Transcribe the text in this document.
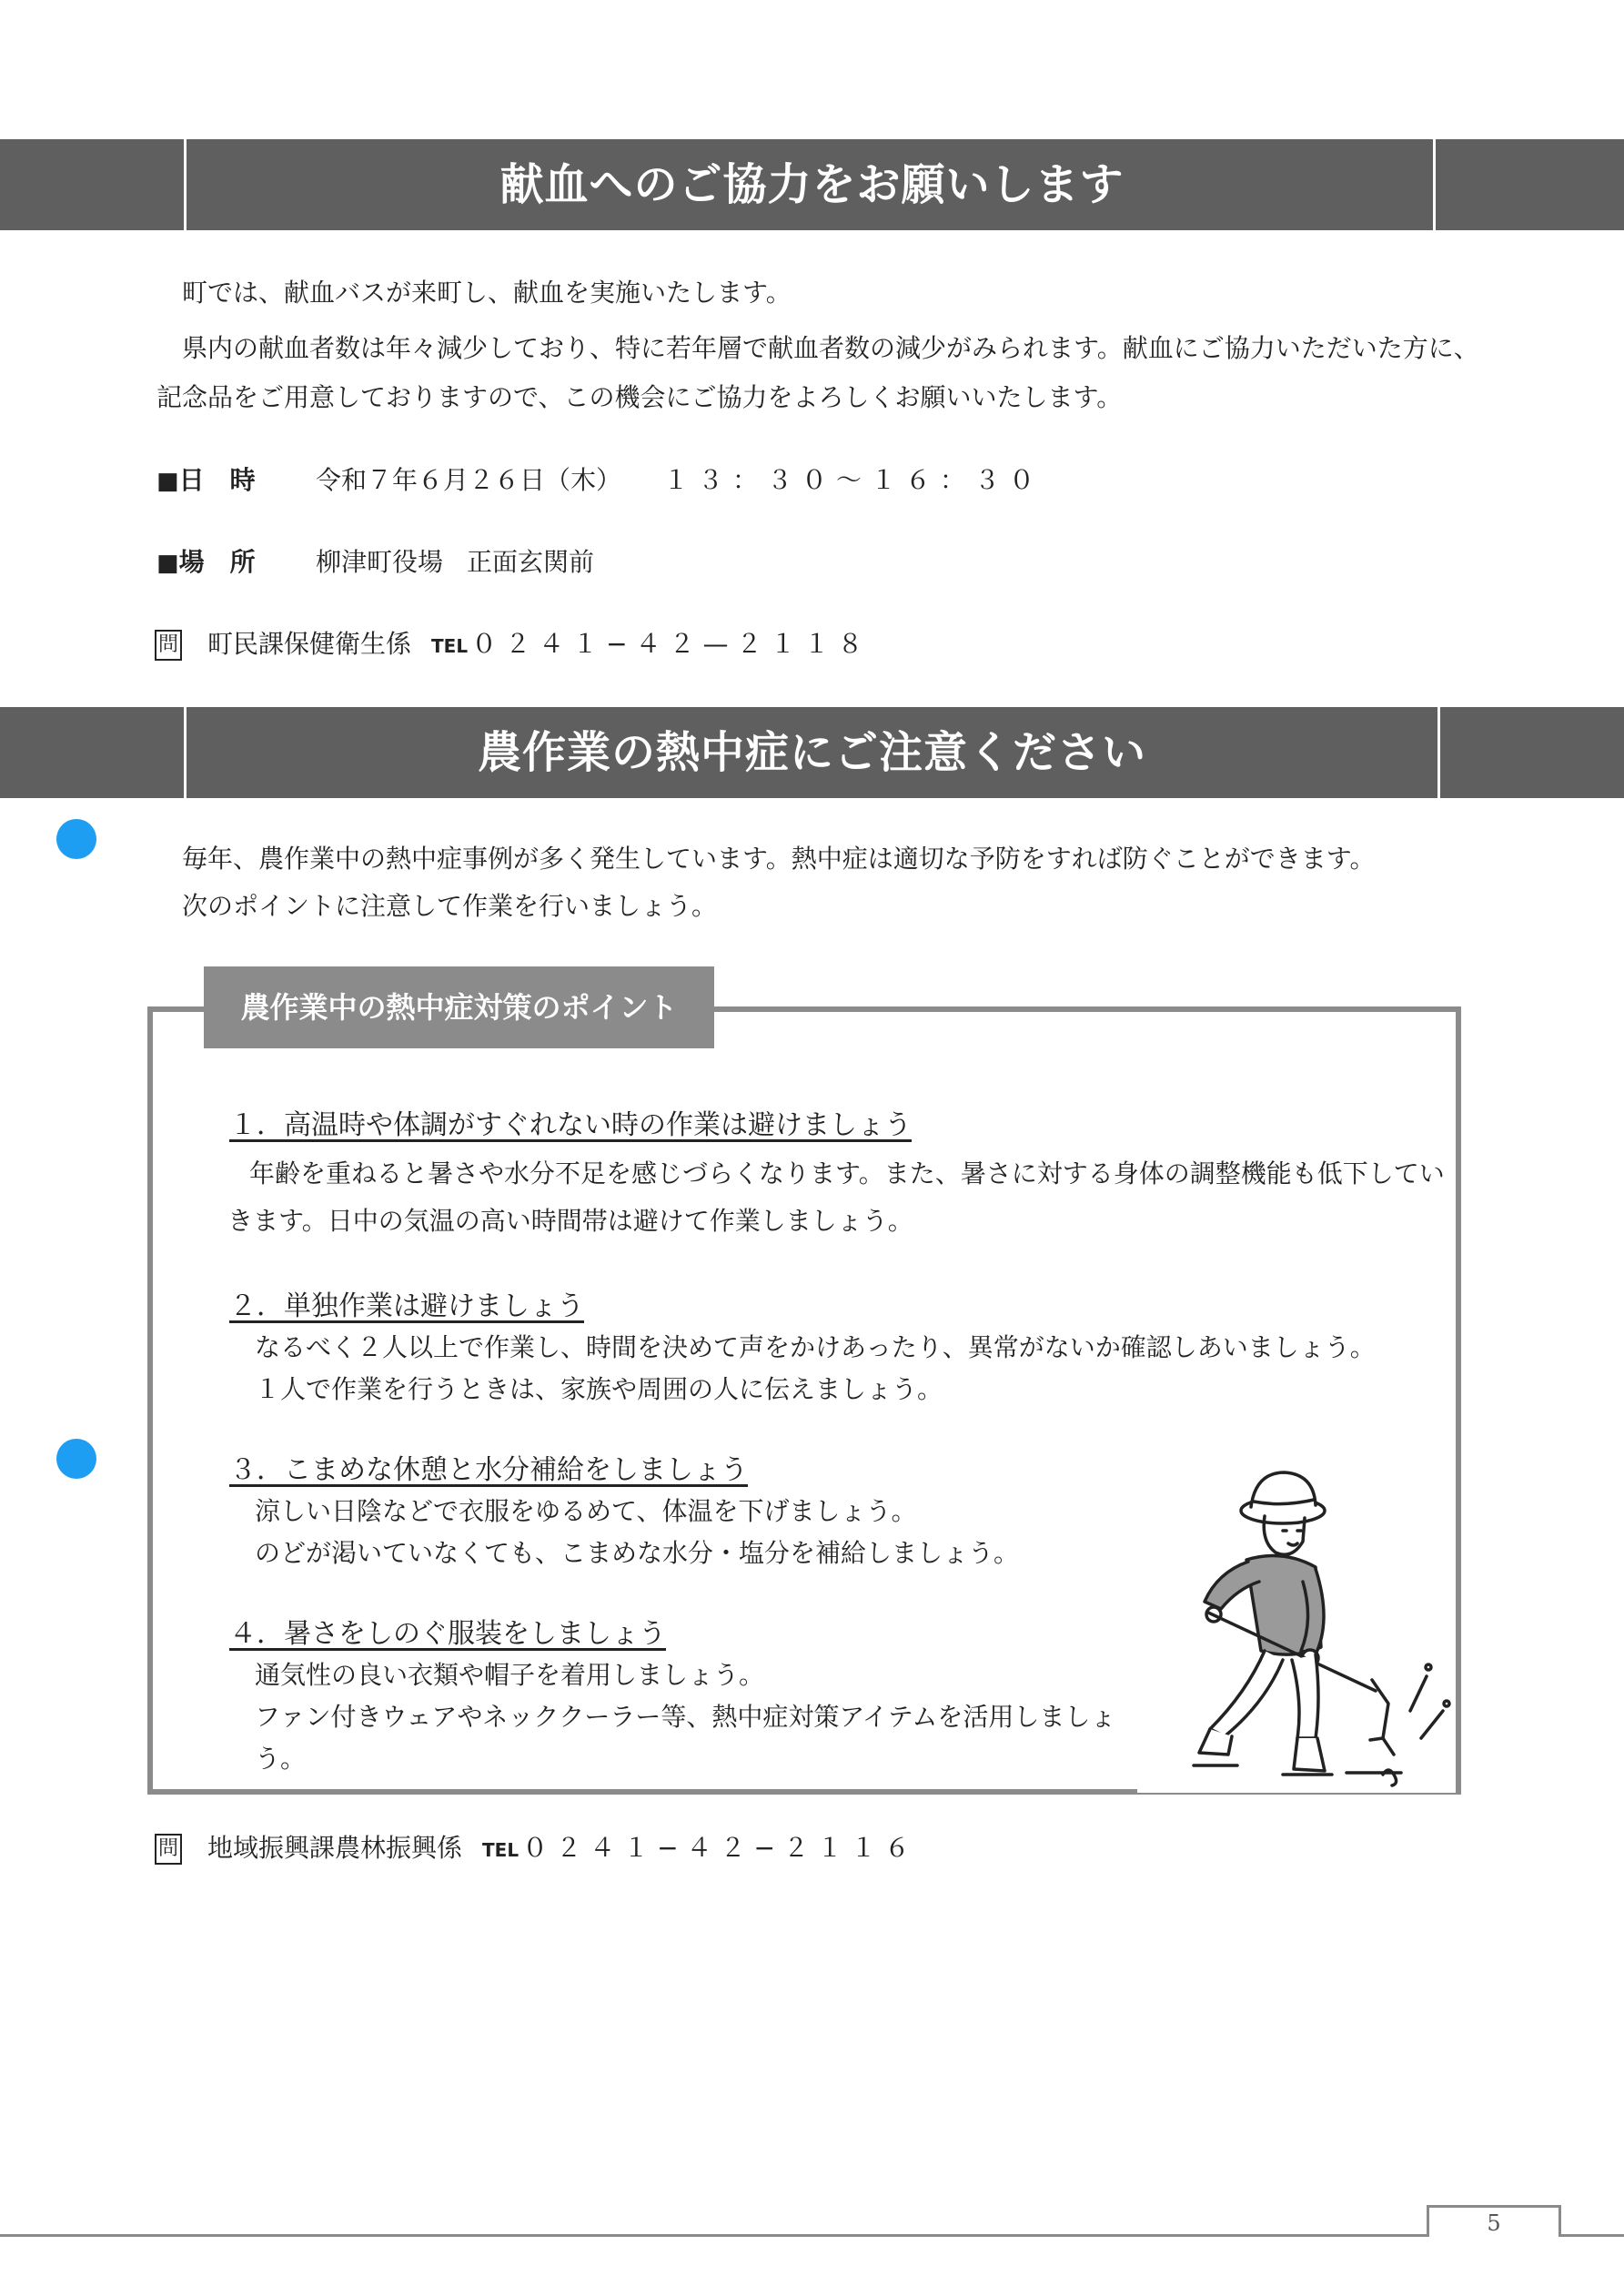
献血へのご協力をお願いします
町では、献血バスが来町し、献血を実施いたします。
県内の献血者数は年々減少しており、特に若年層で献血者数の減少がみられます。献血にご協力いただいた方に、記念品をご用意しておりますので、この機会にご協力をよろしくお願いいたします。
■日　時 令和７年６月２６日（木） １３：３０〜１６：３０
■場　所 柳津町役場 正面玄関前
問 町民課保健衛生係 TEL ０２４１−４２—２１１８
農作業の熱中症にご注意ください
毎年、農作業中の熱中症事例が多く発生しています。熱中症は適切な予防をすれば防ぐことができます。
次のポイントに注意して作業を行いましょう。
農作業中の熱中症対策のポイント
１．高温時や体調がすぐれない時の作業は避けましょう
年齢を重ねると暑さや水分不足を感じづらくなります。また、暑さに対する身体の調整機能も低下していきます。日中の気温の高い時間帯は避けて作業しましょう。
２．単独作業は避けましょう
なるべく２人以上で作業し、時間を決めて声をかけあったり、異常がないか確認しあいましょう。
１人で作業を行うときは、家族や周囲の人に伝えましょう。
３．こまめな休憩と水分補給をしましょう
涼しい日陰などで衣服をゆるめて、体温を下げましょう。
のどが渇いていなくても、こまめな水分・塩分を補給しましょう。
４．暑さをしのぐ服装をしましょう
通気性の良い衣類や帽子を着用しましょう。
ファン付きウェアやネッククーラー等、熱中症対策アイテムを活用しましょう。
問 地域振興課農林振興係 TEL ０２４１−４２−２１１６
5
